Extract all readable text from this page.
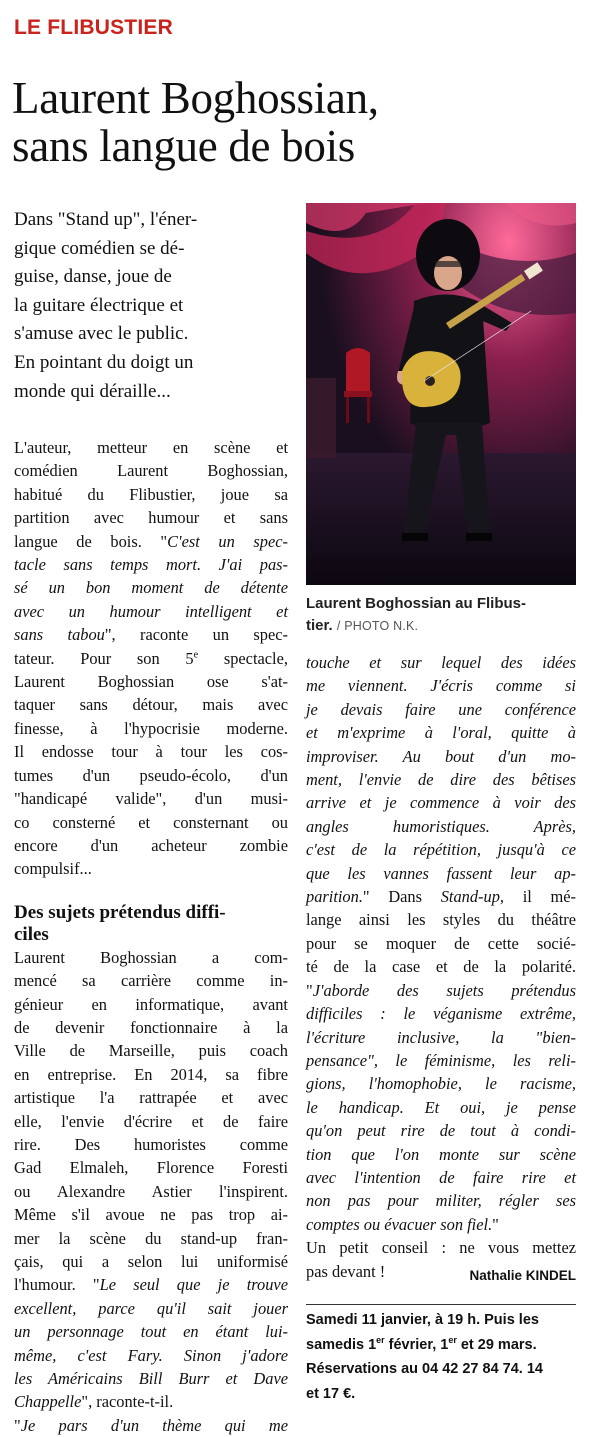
LE FLIBUSTIER
Laurent Boghossian,
sans langue de bois
Dans "Stand up", l'éner-
gique comédien se dé-
guise, danse, joue de
la guitare électrique et
s'amuse avec le public.
En pointant du doigt un
monde qui déraille...
Laurent Boghossian au Flibus-
tier. / PHOTO N.K.
L'auteur, metteur en scène et
comédien Laurent Boghossian,
habitué du Flibustier, joue sa
partition avec humour et sans
langue de bois. "C'est un spec-
tacle sans temps mort. J'ai pas-
sé un bon moment de détente
avec un humour intelligent et
sans tabou", raconte un spec-
tateur. Pour son 5e spectacle,
Laurent Boghossian ose s'at-
taquer sans détour, mais avec
finesse, à l'hypocrisie moderne.
Il endosse tour à tour les cos-
tumes d'un pseudo-écolo, d'un
"handicapé valide", d'un musi-
co consterné et consternant ou
encore d'un acheteur zombie
compulsif...
Des sujets prétendus diffi-
ciles
Laurent Boghossian a com-
mencé sa carrière comme in-
génieur en informatique, avant
de devenir fonctionnaire à la
Ville de Marseille, puis coach
en entreprise. En 2014, sa fibre
artistique l'a rattrapée et avec
elle, l'envie d'écrire et de faire
rire. Des humoristes comme
Gad Elmaleh, Florence Foresti
ou Alexandre Astier l'inspirent.
Même s'il avoue ne pas trop ai-
mer la scène du stand-up fran-
çais, qui a selon lui uniformisé
l'humour. "Le seul que je trouve
excellent, parce qu'il sait jouer
un personnage tout en étant lui-
même, c'est Fary. Sinon j'adore
les Américains Bill Burr et Dave
Chappelle", raconte-t-il.
"Je pars d'un thème qui me
touche et sur lequel des idées
me viennent. J'écris comme si
je devais faire une conférence
et m'exprime à l'oral, quitte à
improviser. Au bout d'un mo-
ment, l'envie de dire des bêtises
arrive et je commence à voir des
angles humoristiques. Après,
c'est de la répétition, jusqu'à ce
que les vannes fassent leur ap-
parition." Dans Stand-up, il mé-
lange ainsi les styles du théâtre
pour se moquer de cette socié-
té de la case et de la polarité.
"J'aborde des sujets prétendus
difficiles : le véganisme extrême,
l'écriture inclusive, la "bien-
pensance", le féminisme, les reli-
gions, l'homophobie, le racisme,
le handicap. Et oui, je pense
qu'on peut rire de tout à condi-
tion que l'on monte sur scène
avec l'intention de faire rire et
non pas pour militer, régler ses
comptes ou évacuer son fiel."
Un petit conseil : ne vous mettez
pas devant !	Nathalie KINDEL
Samedi 11 janvier, à 19 h. Puis les
samedis 1er février, 1er et 29 mars.
Réservations au 04 42 27 84 74. 14
et 17 €.
